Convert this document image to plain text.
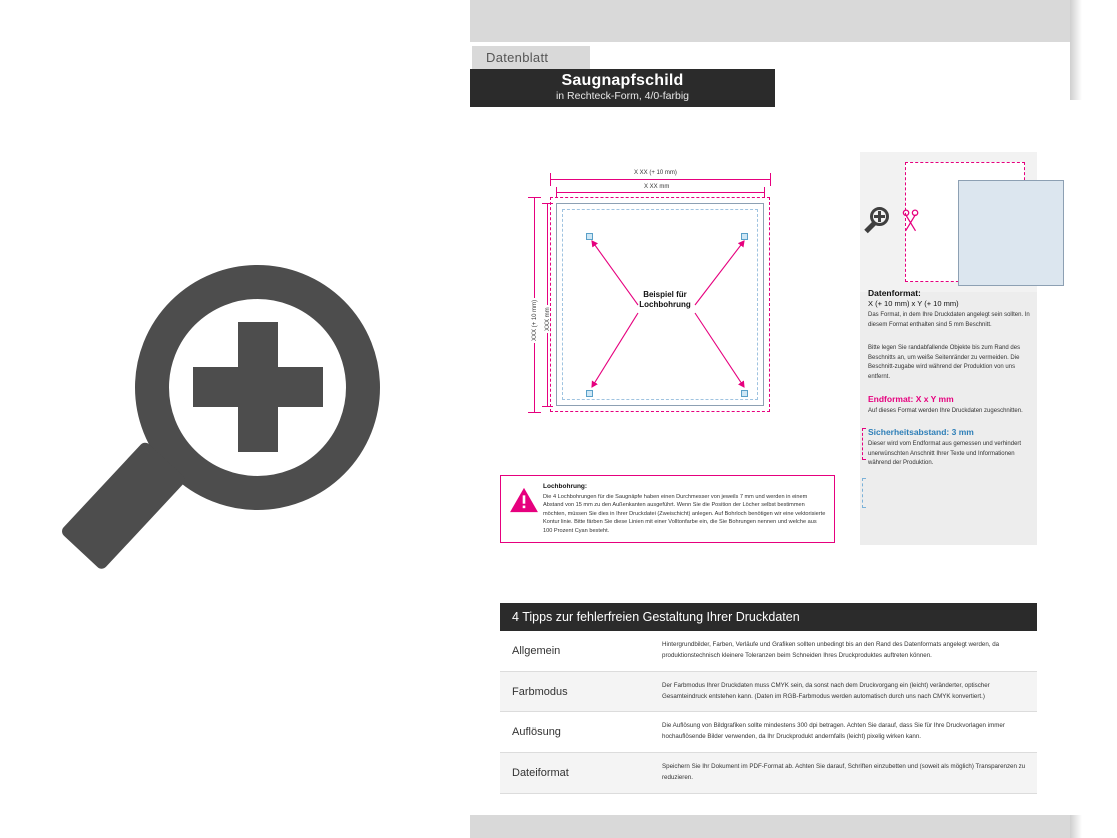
Datenblatt
Saugnapfschild
in Rechteck-Form, 4/0-farbig
X XX (+ 10 mm)
X XX mm
XXX (+ 10 mm) XXX mm
Beispiel für
Lochbohrung
Lochbohrung:
Die 4 Lochbohrungen für die Saugnäpfe haben einen Durchmesser von jeweils 7 mm und werden in einem Abstand von 15 mm zu den Außenkanten ausgeführt. Wenn Sie die Position der Löcher selbst bestimmen möchten, müssen Sie dies in Ihrer Druckdatei (Zweischicht) anlegen. Auf Bohrloch benötigen wir eine vektorisierte Kontur linie. Bitte färben Sie diese Linien mit einer Volltonfarbe ein, die Sie Bohrungen nennen und welche aus 100 Prozent Cyan besteht.
Datenformat:
X (+ 10 mm) x Y (+ 10 mm)
Das Format, in dem Ihre Druckdaten angelegt sein sollten. In diesem Format enthalten sind 5 mm Beschnitt.
Bitte legen Sie randabfallende Objekte bis zum Rand des Beschnitts an, um weiße Seitenränder zu vermeiden. Die Beschnitt-zugabe wird während der Produktion von uns entfernt.
Endformat: X x Y mm
Auf dieses Format werden Ihre Druckdaten zugeschnitten.
Sicherheitsabstand: 3 mm
Dieser wird vom Endformat aus gemessen und verhindert unerwünschten Anschnitt Ihrer Texte und Informationen während der Produktion.
4 Tipps zur fehlerfreien Gestaltung Ihrer Druckdaten
Allgemein
Hintergrundbilder, Farben, Verläufe und Grafiken sollten unbedingt bis an den Rand des Datenformats angelegt werden, da produktionstechnisch kleinere Toleranzen beim Schneiden Ihres Druckproduktes auftreten können.
Farbmodus
Der Farbmodus Ihrer Druckdaten muss CMYK sein, da sonst nach dem Druckvorgang ein (leicht) veränderter, optischer Gesamteindruck entstehen kann. (Daten im RGB-Farbmodus werden automatisch durch uns nach CMYK konvertiert.)
Auflösung
Die Auflösung von Bildgrafiken sollte mindestens 300 dpi betragen. Achten Sie darauf, dass Sie für Ihre Druckvorlagen immer hochauflösende Bilder verwenden, da Ihr Druckprodukt andernfalls (leicht) pixelig wirken kann.
Dateiformat
Speichern Sie Ihr Dokument im PDF-Format ab. Achten Sie darauf, Schriften einzubetten und (soweit als möglich) Transparenzen zu reduzieren.
